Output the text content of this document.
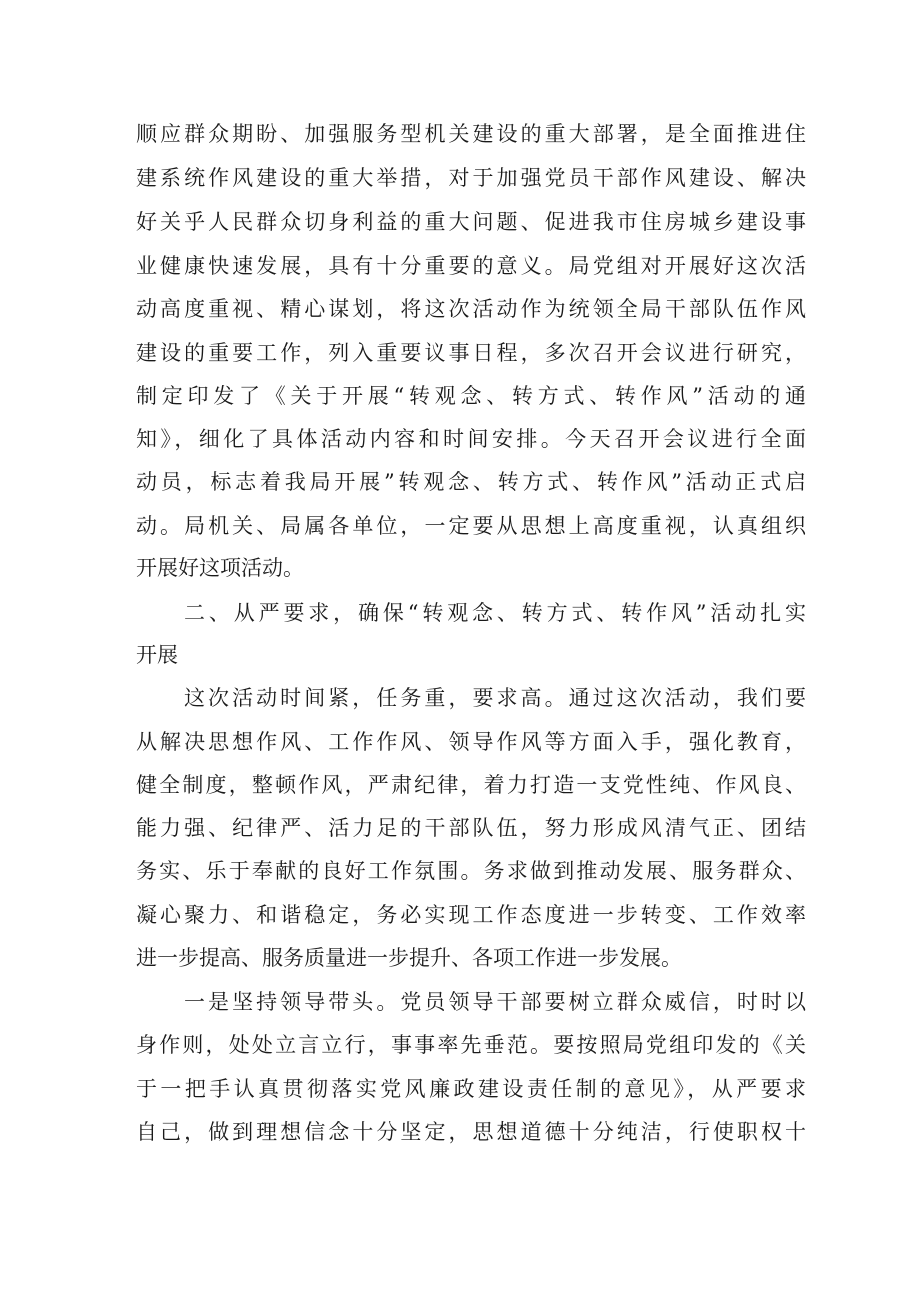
顺应群众期盼、加强服务型机关建设的重大部署，是全面推进住
建系统作风建设的重大举措，对于加强党员干部作风建设、解决
好关乎人民群众切身利益的重大问题、促进我市住房城乡建设事
业健康快速发展，具有十分重要的意义。局党组对开展好这次活
动高度重视、精心谋划，将这次活动作为统领全局干部队伍作风
建设的重要工作，列入重要议事日程，多次召开会议进行研究，
制定印发了《关于开展“转观念、转方式、转作风”活动的通
知》，细化了具体活动内容和时间安排。今天召开会议进行全面
动员，标志着我局开展”转观念、转方式、转作风”活动正式启
动。局机关、局属各单位，一定要从思想上高度重视，认真组织
开展好这项活动。
二、从严要求，确保“转观念、转方式、转作风”活动扎实
开展
这次活动时间紧，任务重，要求高。通过这次活动，我们要
从解决思想作风、工作作风、领导作风等方面入手，强化教育，
健全制度，整顿作风，严肃纪律，着力打造一支党性纯、作风良、
能力强、纪律严、活力足的干部队伍，努力形成风清气正、团结
务实、乐于奉献的良好工作氛围。务求做到推动发展、服务群众、
凝心聚力、和谐稳定，务必实现工作态度进一步转变、工作效率
进一步提高、服务质量进一步提升、各项工作进一步发展。
一是坚持领导带头。党员领导干部要树立群众威信，时时以
身作则，处处立言立行，事事率先垂范。要按照局党组印发的《关
于一把手认真贯彻落实党风廉政建设责任制的意见》，从严要求
自己，做到理想信念十分坚定，思想道德十分纯洁，行使职权十
